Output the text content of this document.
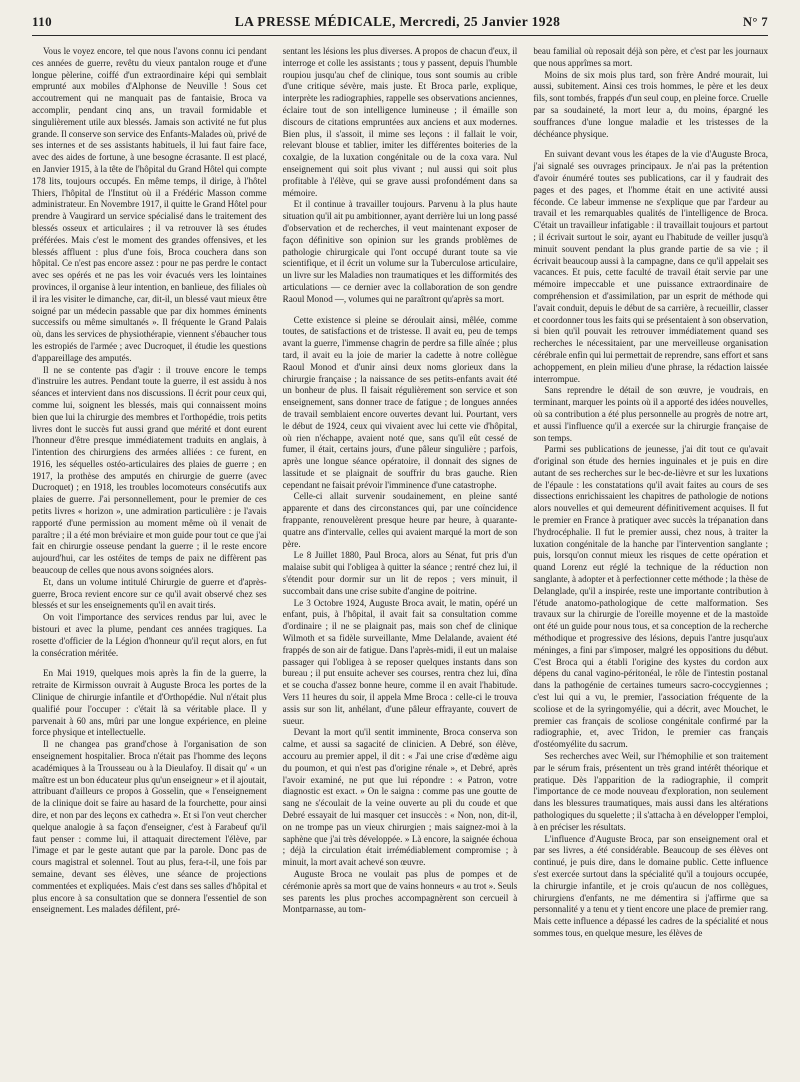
110	LA PRESSE MÉDICALE, Mercredi, 25 Janvier 1928	N° 7

Vous le voyez encore, tel que nous l'avons connu ici pendant ces années de guerre, revêtu du vieux pantalon rouge et d'une longue pèlerine, coiffé d'un extraordinaire képi qui semblait emprunté aux mobiles d'Alphonse de Neuville ! Sous cet accoutrement qui ne manquait pas de fantaisie, Broca va accomplir, pendant cinq ans, un travail formidable et singulièrement utile aux blessés. Jamais son activité ne fut plus grande. Il conserve son service des Enfants-Malades où, privé de ses internes et de ses assistants habituels, il lui faut faire face, avec des aides de fortune, à une besogne écrasante. Il est placé, en Janvier 1915, à la tête de l'hôpital du Grand Hôtel qui compte 178 lits, toujours occupés. En même temps, il dirige, à l'hôtel Thiers, l'hôpital de l'Institut où il a Frédéric Masson comme administrateur. En Novembre 1917, il quitte le Grand Hôtel pour prendre à Vaugirard un service spécialisé dans le traitement des blessés osseux et articulaires ; il va retrouver là ses études préférées. Mais c'est le moment des grandes offensives, et les blessés affluent : plus d'une fois, Broca couchera dans son hôpital. Ce n'est pas encore assez : pour ne pas perdre le contact avec ses opérés et ne pas les voir évacués vers les lointaines provinces, il organise à leur intention, en banlieue, des filiales où il ira les visiter le dimanche, car, dit-il, un blessé vaut mieux être soigné par un médecin passable que par dix hommes éminents successifs ou même simultanés ». Il fréquente le Grand Palais où, dans les services de physiothérapie, viennent s'ébaucher tous les estropiés de l'armée ; avec Ducroquet, il étudie les questions d'appareillage des amputés.

Il ne se contente pas d'agir : il trouve encore le temps d'instruire les autres. Pendant toute la guerre, il est assidu à nos séances et intervient dans nos discussions. Il écrit pour ceux qui, comme lui, soignent les blessés, mais qui connaissent moins bien que lui la chirurgie des membres et l'orthopédie, trois petits livres dont le succès fut aussi grand que mérité et dont eurent l'honneur d'être presque immédiatement traduits en anglais, à l'intention des chirurgiens des armées alliées : ce furent, en 1916, les séquelles ostéo-articulaires des plaies de guerre ; en 1917, la prothèse des amputés en chirurgie de guerre (avec Ducroquet) ; en 1918, les troubles locomoteurs consécutifs aux plaies de guerre. J'ai personnellement, pour le premier de ces petits livres « horizon », une admiration particulière : je l'avais rapporté d'une permission au moment même où il venait de paraître ; il a été mon bréviaire et mon guide pour tout ce que j'ai fait en chirurgie osseuse pendant la guerre ; il le reste encore aujourd'hui, car les ostéites de temps de paix ne diffèrent pas beaucoup de celles que nous avons soignées alors.

Et, dans un volume intitulé Chirurgie de guerre et d'après-guerre, Broca revient encore sur ce qu'il avait observé chez ses blessés et sur les enseignements qu'il en avait tirés.

On voit l'importance des services rendus par lui, avec le bistouri et avec la plume, pendant ces années tragiques. La rosette d'officier de la Légion d'honneur qu'il reçut alors, en fut la consécration méritée.

En Mai 1919, quelques mois après la fin de la guerre, la retraite de Kirmisson ouvrait à Auguste Broca les portes de la Clinique de chirurgie infantile et d'Orthopédie. Nul n'était plus qualifié pour l'occuper : c'était là sa véritable place. Il y parvenait à 60 ans, mûri par une longue expérience, en pleine force physique et intellectuelle.

Il ne changea pas grand'chose à l'organisation de son enseignement hospitalier. Broca n'était pas l'homme des leçons académiques à la Trousseau ou à la Dieulafoy. Il disait qu' « un maître est un bon éducateur plus qu'un enseigneur » et il ajoutait, attribuant d'ailleurs ce propos à Gosselin, que « l'enseignement de la clinique doit se faire au hasard de la fourchette, pour ainsi dire, et non par des leçons ex cathedra ». Et si l'on veut chercher quelque analogie à sa façon d'enseigner, c'est à Farabeuf qu'il faut penser : comme lui, il attaquait directement l'élève, par l'image et par le geste autant que par la parole. Donc pas de cours magistral et solennel. Tout au plus, fera-t-il, une fois par semaine, devant ses élèves, une séance de projections commentées et expliquées. Mais c'est dans ses salles d'hôpital et plus encore à sa consultation que se donnera l'essentiel de son enseignement. Les malades défilent, pré-

sentant les lésions les plus diverses. A propos de chacun d'eux, il interroge et colle les assistants ; tous y passent, depuis l'humble roupiou jusqu'au chef de clinique, tous sont soumis au crible d'une critique sévère, mais juste. Et Broca parle, explique, interprète les radiographies, rappelle ses observations anciennes, éclaire tout de son intelligence lumineuse ; il émaille son discours de citations empruntées aux anciens et aux modernes. Bien plus, il s'assoit, il mime ses leçons : il fallait le voir, relevant blouse et tablier, imiter les différentes boiteries de la coxalgie, de la luxation congénitale ou de la coxa vara. Nul enseignement qui soit plus vivant ; nul aussi qui soit plus profitable à l'élève, qui se grave aussi profondément dans sa mémoire.

Et il continue à travailler toujours. Parvenu à la plus haute situation qu'il ait pu ambitionner, ayant derrière lui un long passé d'observation et de recherches, il veut maintenant exposer de façon définitive son opinion sur les grands problèmes de pathologie chirurgicale qui l'ont occupé durant toute sa vie scientifique, et il écrit un volume sur la Tuberculose articulaire, un livre sur les Maladies non traumatiques et les difformités des articulations — ce dernier avec la collaboration de son gendre Raoul Monod —, volumes qui ne paraîtront qu'après sa mort.

Cette existence si pleine se déroulait ainsi, mêlée, comme toutes, de satisfactions et de tristesse. Il avait eu, peu de temps avant la guerre, l'immense chagrin de perdre sa fille aînée ; plus tard, il avait eu la joie de marier la cadette à notre collègue Raoul Monod et d'unir ainsi deux noms glorieux dans la chirurgie française ; la naissance de ses petits-enfants avait été un bonheur de plus. Il faisait régulièrement son service et son enseignement, sans donner trace de fatigue ; de longues années de travail semblaient encore ouvertes devant lui. Pourtant, vers le début de 1924, ceux qui vivaient avec lui cette vie d'hôpital, où rien n'échappe, avaient noté que, sans qu'il eût cessé de fumer, il était, certains jours, d'une pâleur singulière ; parfois, après une longue séance opératoire, il donnait des signes de lassitude et se plaignait de souffrir du bras gauche. Rien cependant ne faisait prévoir l'imminence d'une catastrophe.

Celle-ci allait survenir soudainement, en pleine santé apparente et dans des circonstances qui, par une coïncidence frappante, renouvelèrent presque heure par heure, à quarante-quatre ans d'intervalle, celles qui avaient marqué la mort de son père.

Le 8 Juillet 1880, Paul Broca, alors au Sénat, fut pris d'un malaise subit qui l'obligea à quitter la séance ; rentré chez lui, il s'étendit pour dormir sur un lit de repos ; vers minuit, il succombait dans une crise subite d'angine de poitrine.

Le 3 Octobre 1924, Auguste Broca avait, le matin, opéré un enfant, puis, à l'hôpital, il avait fait sa consultation comme d'ordinaire ; il ne se plaignait pas, mais son chef de clinique Wilmoth et sa fidèle surveillante, Mme Delalande, avaient été frappés de son air de fatigue. Dans l'après-midi, il eut un malaise passager qui l'obligea à se reposer quelques instants dans son bureau ; il put ensuite achever ses courses, rentra chez lui, dîna et se coucha d'assez bonne heure, comme il en avait l'habitude. Vers 11 heures du soir, il appela Mme Broca : celle-ci le trouva assis sur son lit, anhélant, d'une pâleur effrayante, couvert de sueur.

Devant la mort qu'il sentit imminente, Broca conserva son calme, et aussi sa sagacité de clinicien. A Debré, son élève, accouru au premier appel, il dit : « J'ai une crise d'œdème aigu du poumon, et qui n'est pas d'origine rénale », et Debré, après l'avoir examiné, ne put que lui répondre : « Patron, votre diagnostic est exact. » On le saigna : comme pas une goutte de sang ne s'écoulait de la veine ouverte au pli du coude et que Debré essayait de lui masquer cet insuccès : « Non, non, dit-il, on ne trompe pas un vieux chirurgien ; mais saignez-moi à la saphène que j'ai très développée. » Là encore, la saignée échoua ; déjà la circulation était irrémédiablement compromise ; à minuit, la mort avait achevé son œuvre.

Auguste Broca ne voulait pas plus de pompes et de cérémonie après sa mort que de vains honneurs « au trot ». Seuls ses parents les plus proches accompagnèrent son cercueil à Montparnasse, au tom-

beau familial où reposait déjà son père, et c'est par les journaux que nous apprîmes sa mort.

Moins de six mois plus tard, son frère André mourait, lui aussi, subitement. Ainsi ces trois hommes, le père et les deux fils, sont tombés, frappés d'un seul coup, en pleine force. Cruelle par sa soudaineté, la mort leur a, du moins, épargné les souffrances d'une longue maladie et les tristesses de la déchéance physique.

En suivant devant vous les étapes de la vie d'Auguste Broca, j'ai signalé ses ouvrages principaux. Je n'ai pas la prétention d'avoir énuméré toutes ses publications, car il y faudrait des pages et des pages, et l'homme était en une activité aussi féconde. Ce labeur immense ne s'explique que par l'ardeur au travail et les remarquables qualités de l'intelligence de Broca. C'était un travailleur infatigable : il travaillait toujours et partout ; il écrivait surtout le soir, ayant eu l'habitude de veiller jusqu'à minuit souvent pendant la plus grande partie de sa vie ; il écrivait beaucoup aussi à la campagne, dans ce qu'il appelait ses vacances. Et puis, cette faculté de travail était servie par une mémoire impeccable et une puissance extraordinaire de compréhension et d'assimilation, par un esprit de méthode qui l'avait conduit, depuis le début de sa carrière, à recueillir, classer et coordonner tous les faits qui se présentaient à son observation, si bien qu'il pouvait les retrouver immédiatement quand ses recherches le nécessitaient, par une merveilleuse organisation cérébrale enfin qui lui permettait de reprendre, sans effort et sans achoppement, en plein milieu d'une phrase, la rédaction laissée interrompue.

Sans reprendre le détail de son œuvre, je voudrais, en terminant, marquer les points où il a apporté des idées nouvelles, où sa contribution a été plus personnelle au progrès de notre art, et aussi l'influence qu'il a exercée sur la chirurgie française de son temps.

Parmi ses publications de jeunesse, j'ai dit tout ce qu'avait d'original son étude des hernies inguinales et je puis en dire autant de ses recherches sur le bec-de-lièvre et sur les luxations de l'épaule : les constatations qu'il avait faites au cours de ses dissections enrichissaient les chapitres de pathologie de notions alors nouvelles et qui demeurent définitivement acquises. Il fut le premier en France à pratiquer avec succès la trépanation dans l'hydrocéphalie. Il fut le premier aussi, chez nous, à traiter la luxation congénitale de la hanche par l'intervention sanglante ; puis, lorsqu'on connut mieux les risques de cette opération et quand Lorenz eut réglé la technique de la réduction non sanglante, à adopter et à perfectionner cette méthode ; la thèse de Delanglade, qu'il a inspirée, reste une importante contribution à l'étude anatomo-pathologique de cette malformation. Ses travaux sur la chirurgie de l'oreille moyenne et de la mastoïde ont été un guide pour nous tous, et sa conception de la recherche méthodique et progressive des lésions, depuis l'antre jusqu'aux méninges, a fini par s'imposer, malgré les oppositions du début. C'est Broca qui a établi l'origine des kystes du cordon aux dépens du canal vagino-péritonéal, le rôle de l'intestin postanal dans la pathogénie de certaines tumeurs sacro-coccygiennes ; c'est lui qui a vu, le premier, l'association fréquente de la scoliose et de la syringomyélie, qui a décrit, avec Mouchet, le premier cas français de scoliose congénitale confirmé par la radiographie, et, avec Tridon, le premier cas français d'ostéomyélite du sacrum.

Ses recherches avec Weil, sur l'hémophilie et son traitement par le sérum frais, présentent un très grand intérêt théorique et pratique. Dès l'apparition de la radiographie, il comprit l'importance de ce mode nouveau d'exploration, non seulement dans les blessures traumatiques, mais aussi dans les altérations pathologiques du squelette ; il s'attacha à en développer l'emploi, à en préciser les résultats.

L'influence d'Auguste Broca, par son enseignement oral et par ses livres, a été considérable. Beaucoup de ses élèves ont continué, je puis dire, dans le domaine public. Cette influence s'est exercée surtout dans la spécialité qu'il a toujours occupée, la chirurgie infantile, et je crois qu'aucun de nos collègues, chirurgiens d'enfants, ne me démentira si j'affirme que sa personnalité y a tenu et y tient encore une place de premier rang. Mais cette influence a dépassé les cadres de la spécialité et nous sommes tous, en quelque mesure, les élèves de
